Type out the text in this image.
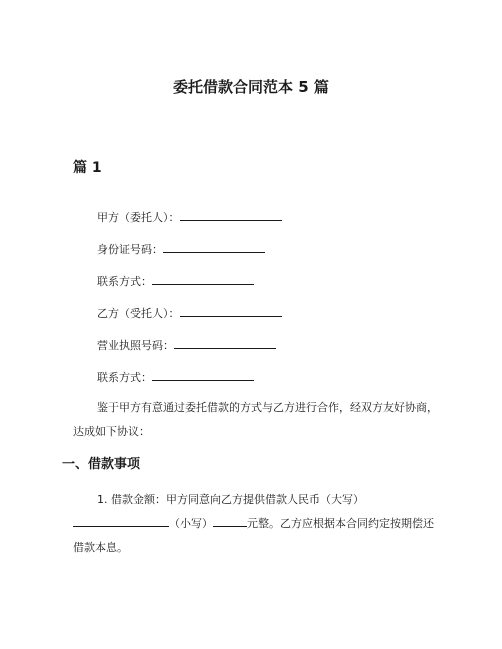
委托借款合同范本 5 篇
篇 1
甲方（委托人）：
身份证号码：
联系方式：
乙方（受托人）：
营业执照号码：
联系方式：
鉴于甲方有意通过委托借款的方式与乙方进行合作，经双方友好协商，达成如下协议：
一、借款事项
1. 借款金额：甲方同意向乙方提供借款人民币（大写） （小写）	元整。乙方应根据本合同约定按期偿还借款本息。
